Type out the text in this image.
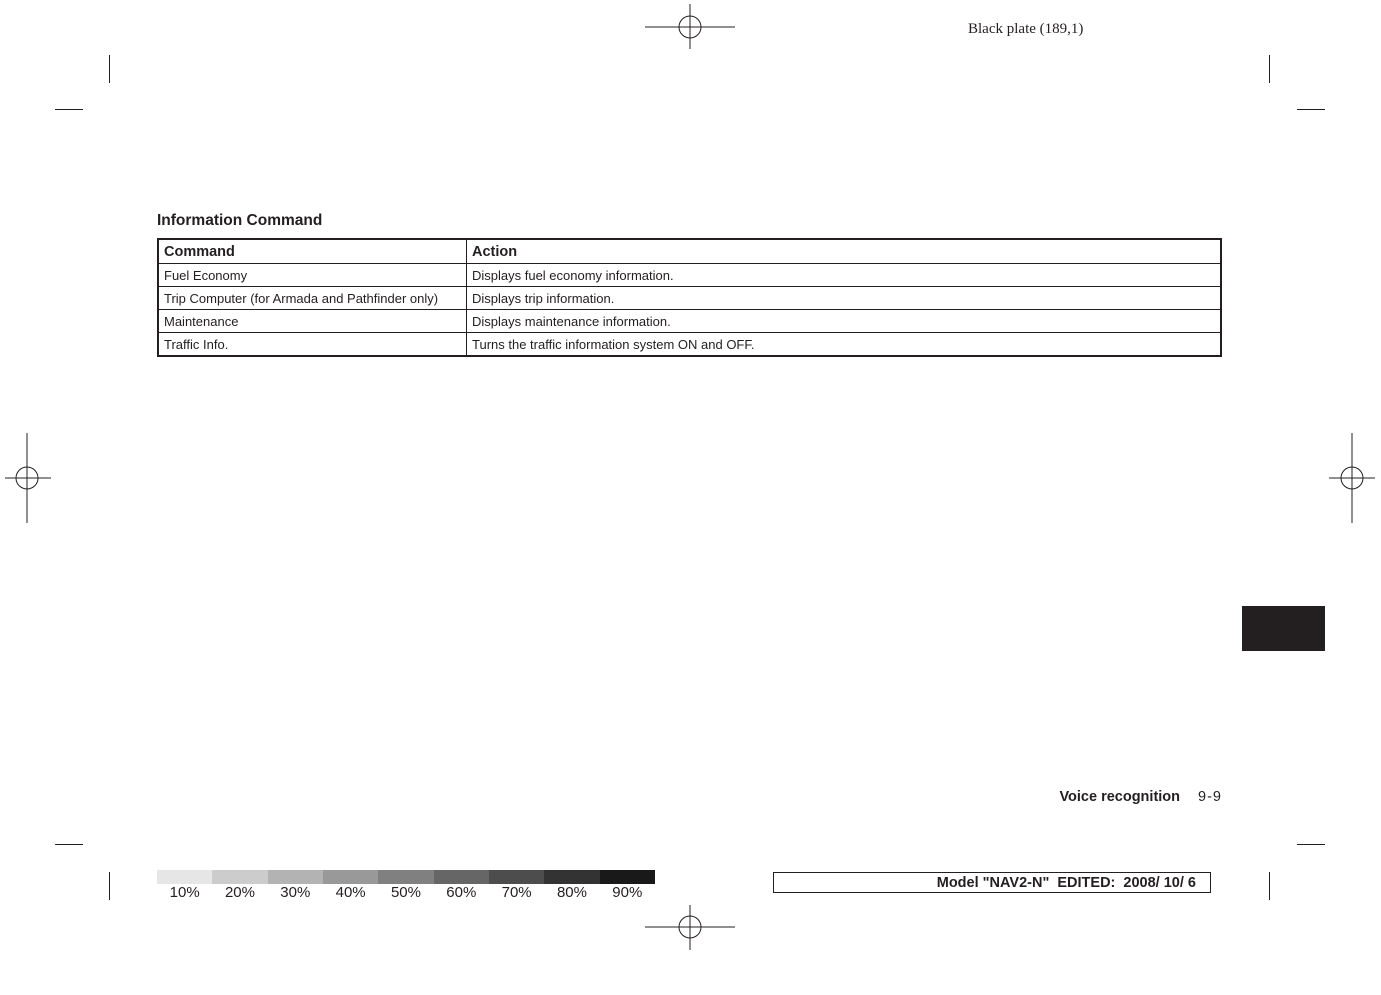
Black plate (189,1)
Information Command
Command	Action
Fuel Economy	Displays fuel economy information.
Trip Computer (for Armada and Pathfinder only)	Displays trip information.
Maintenance	Displays maintenance information.
Traffic Info.	Turns the traffic information system ON and OFF.
Voice recognition 9-9
10%	20%	30%	40%	50%	60%	70%	80%	90%
Model "NAV2-N"  EDITED:  2008/ 10/ 6
